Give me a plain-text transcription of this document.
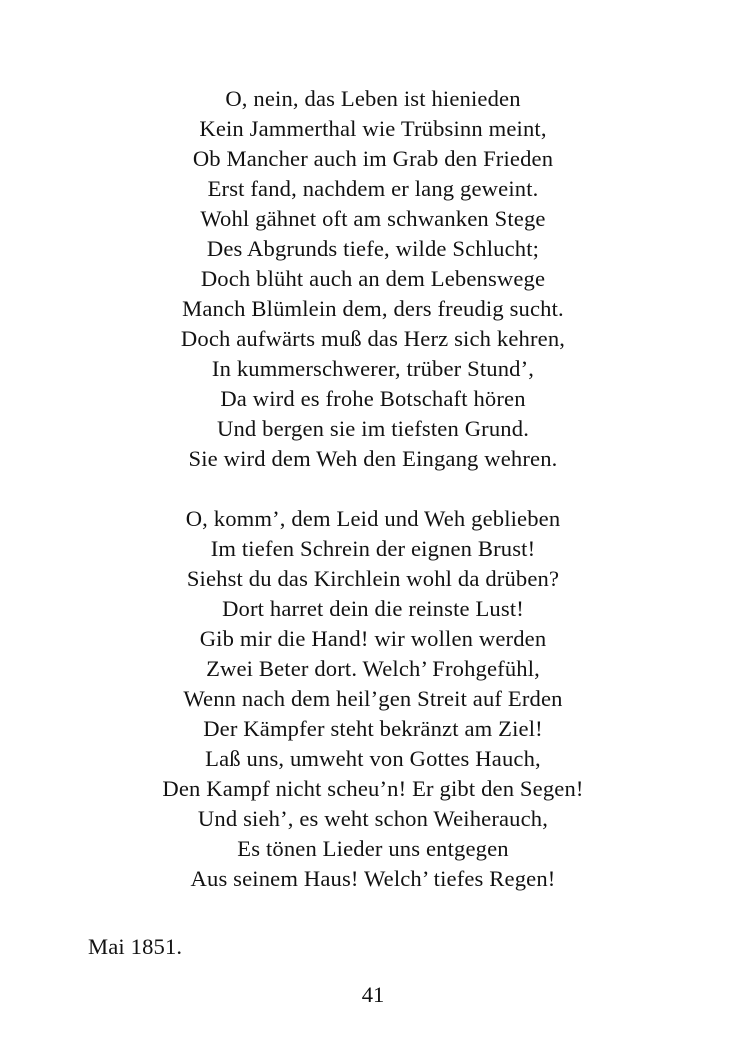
O, nein, das Leben ist hienieden
Kein Jammerthal wie Trübsinn meint,
Ob Mancher auch im Grab den Frieden
Erst fand, nachdem er lang geweint.
Wohl gähnet oft am schwanken Stege
Des Abgrunds tiefe, wilde Schlucht;
Doch blüht auch an dem Lebenswege
Manch Blümlein dem, ders freudig sucht.
Doch aufwärts muß das Herz sich kehren,
In kummerschwerer, trüber Stund’,
Da wird es frohe Botschaft hören
Und bergen sie im tiefsten Grund.
Sie wird dem Weh den Eingang wehren.
O, komm’, dem Leid und Weh geblieben
Im tiefen Schrein der eignen Brust!
Siehst du das Kirchlein wohl da drüben?
Dort harret dein die reinste Lust!
Gib mir die Hand! wir wollen werden
Zwei Beter dort. Welch’ Frohgefühl,
Wenn nach dem heil’gen Streit auf Erden
Der Kämpfer steht bekränzt am Ziel!
Laß uns, umweht von Gottes Hauch,
Den Kampf nicht scheu’n! Er gibt den Segen!
Und sieh’, es weht schon Weiherauch,
Es tönen Lieder uns entgegen
Aus seinem Haus! Welch’ tiefes Regen!
Mai 1851.
41
